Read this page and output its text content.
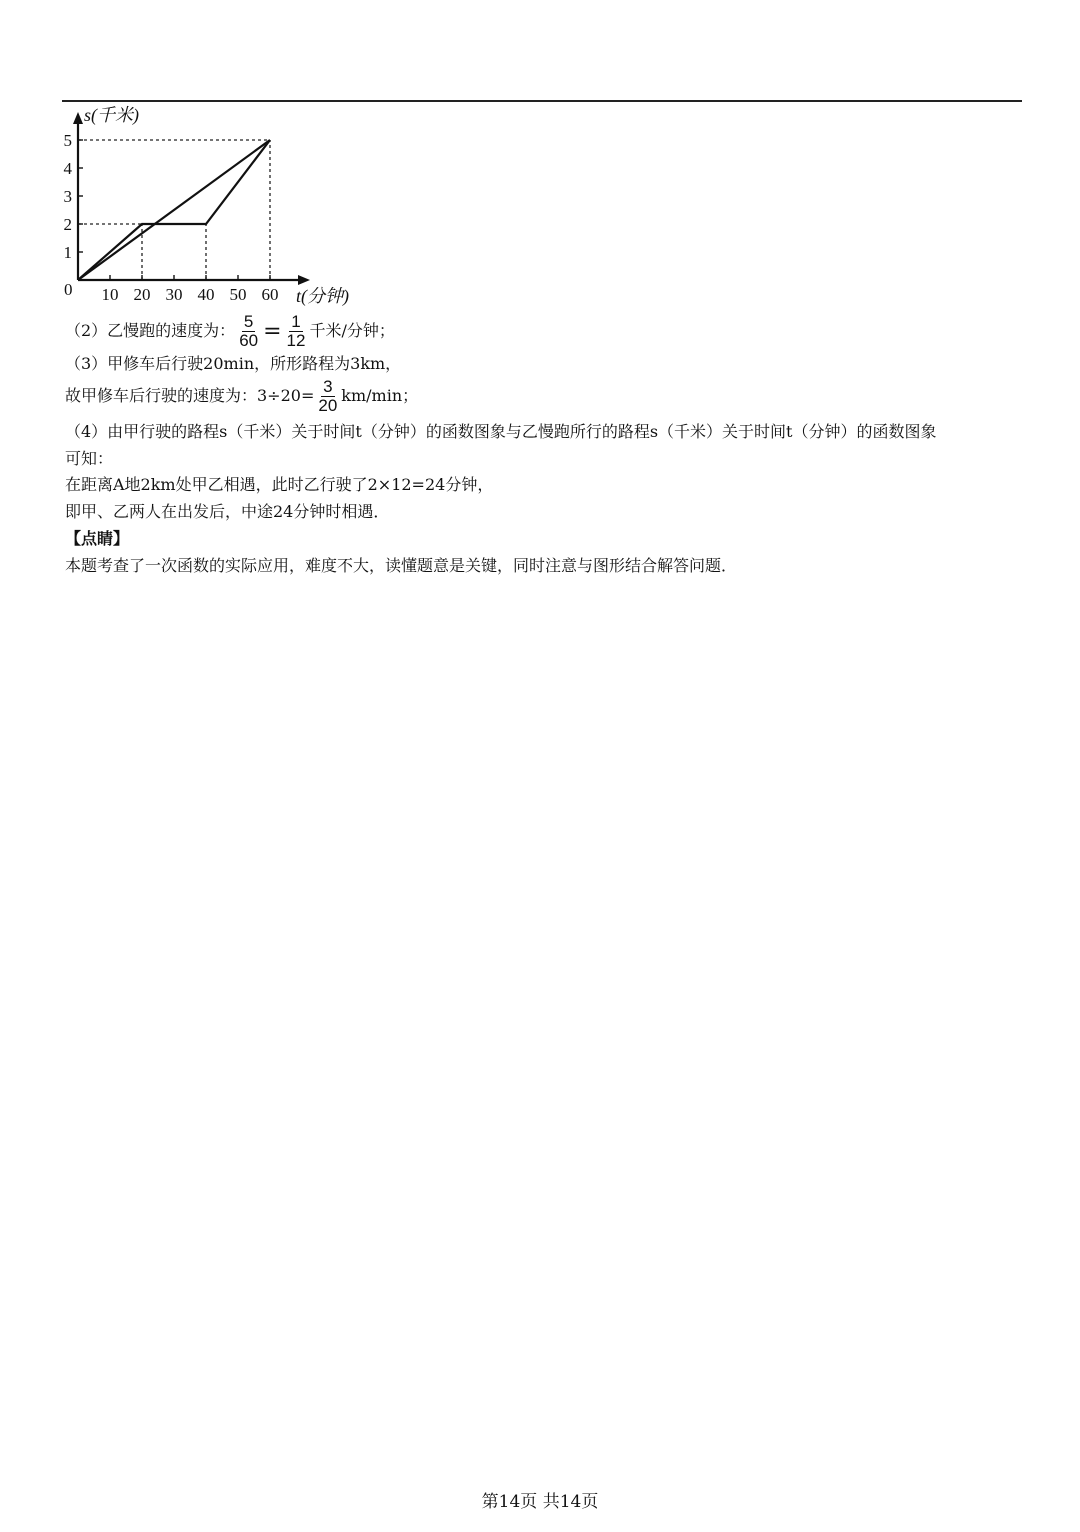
10 20 30 40 50 60
1
2
3
4
5
s(千米)
t(分钟)
0
（2）乙慢跑的速度为： $\frac{5}{60} = \frac{1}{12}$ 千米/分钟；
（3）甲修车后行驶20min，所形路程为3km，
故甲修车后行驶的速度为：$3\div 20= \frac{3}{20} km/\min$；
（4）由甲行驶的路程s（千米）关于时间t（分钟）的函数图象与乙慢跑所行的路程s（千米）关于时间t（分钟）的函数图象
可知：
在距离A地2km处甲乙相遇，此时乙行驶了2×12=24分钟，
即甲、乙两人在出发后，中途24分钟时相遇．
【点睛】
本题考查了一次函数的实际应用，难度不大，读懂题意是关键，同时注意与图形结合解答问题．
第14页 共14页
